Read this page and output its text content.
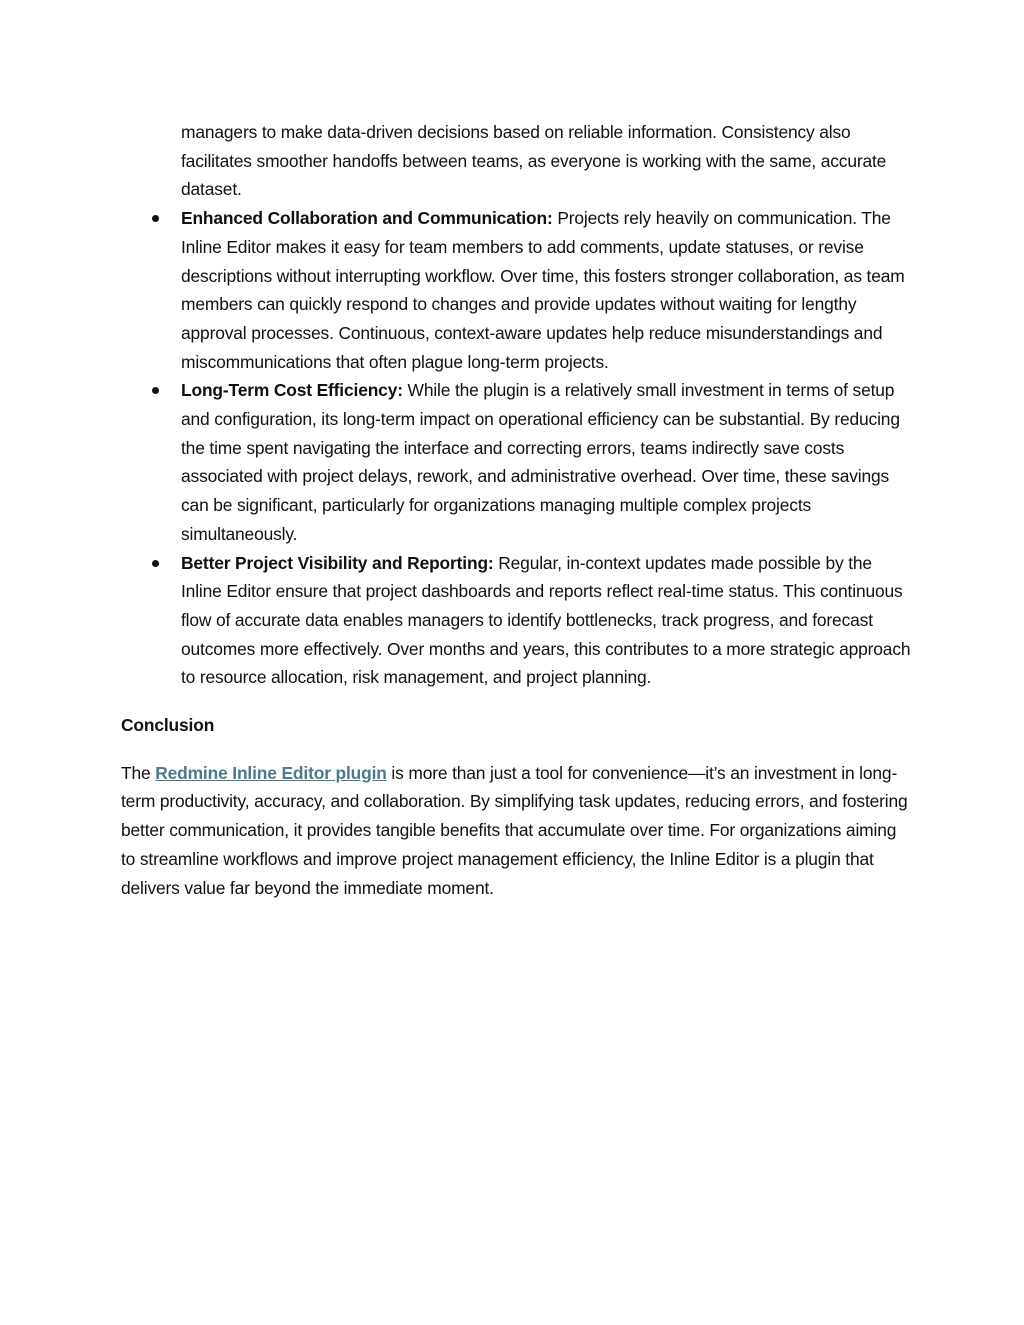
managers to make data-driven decisions based on reliable information. Consistency also facilitates smoother handoffs between teams, as everyone is working with the same, accurate dataset.

Enhanced Collaboration and Communication: Projects rely heavily on communication. The Inline Editor makes it easy for team members to add comments, update statuses, or revise descriptions without interrupting workflow. Over time, this fosters stronger collaboration, as team members can quickly respond to changes and provide updates without waiting for lengthy approval processes. Continuous, context-aware updates help reduce misunderstandings and miscommunications that often plague long-term projects.
Long-Term Cost Efficiency: While the plugin is a relatively small investment in terms of setup and configuration, its long-term impact on operational efficiency can be substantial. By reducing the time spent navigating the interface and correcting errors, teams indirectly save costs associated with project delays, rework, and administrative overhead. Over time, these savings can be significant, particularly for organizations managing multiple complex projects simultaneously.
Better Project Visibility and Reporting: Regular, in-context updates made possible by the Inline Editor ensure that project dashboards and reports reflect real-time status. This continuous flow of accurate data enables managers to identify bottlenecks, track progress, and forecast outcomes more effectively. Over months and years, this contributes to a more strategic approach to resource allocation, risk management, and project planning.
Conclusion

The Redmine Inline Editor plugin is more than just a tool for convenience—it’s an investment in long-term productivity, accuracy, and collaboration. By simplifying task updates, reducing errors, and fostering better communication, it provides tangible benefits that accumulate over time. For organizations aiming to streamline workflows and improve project management efficiency, the Inline Editor is a plugin that delivers value far beyond the immediate moment.
